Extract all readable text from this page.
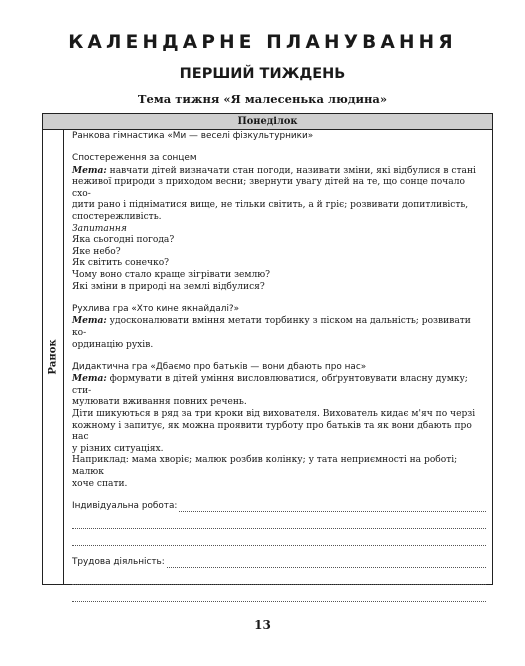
КАЛЕНДАРНЕ ПЛАНУВАННЯ
ПЕРШИЙ ТИЖДЕНЬ
Тема тижня «Я малесенька людина»
Понеділок
Ранок

Ранкова гімнастика «Ми — веселі фізкультурники»

Спостереження за сонцем

Мета: навчати дітей визначати стан погоди, називати зміни, які відбулися в стані

неживої природи з приходом весни; звернути увагу дітей на те, що сонце почало схо-

дити рано і підніматися вище, не тільки світить, а й гріє; розвивати допитливість,

спостережливість.

Запитання

Яка сьогодні погода?

Яке небо?

Як світить сонечко?

Чому воно стало краще зігрівати землю?

Які зміни в природі на землі відбулися?

Рухлива гра «Хто кине якнайдалі?»

Мета: удосконалювати вміння метати торбинку з піском на дальність; розвивати ко-

ординацію рухів.

Дидактична гра «Дбаємо про батьків — вони дбають про нас»

Мета: формувати в дітей уміння висловлюватися, обґрунтовувати власну думку; сти-

мулювати вживання повних речень.

Діти шикуються в ряд за три кроки від вихователя. Вихователь кидає м'яч по черзі

кожному і запитує, як можна проявити турботу про батьків та як вони дбають про нас

у різних ситуаціях.

Наприклад: мама хворіє; малюк розбив колінку; у тата неприємності на роботі; малюк

хоче спати.

Індивідуальна робота:
Трудова діяльність:
13
